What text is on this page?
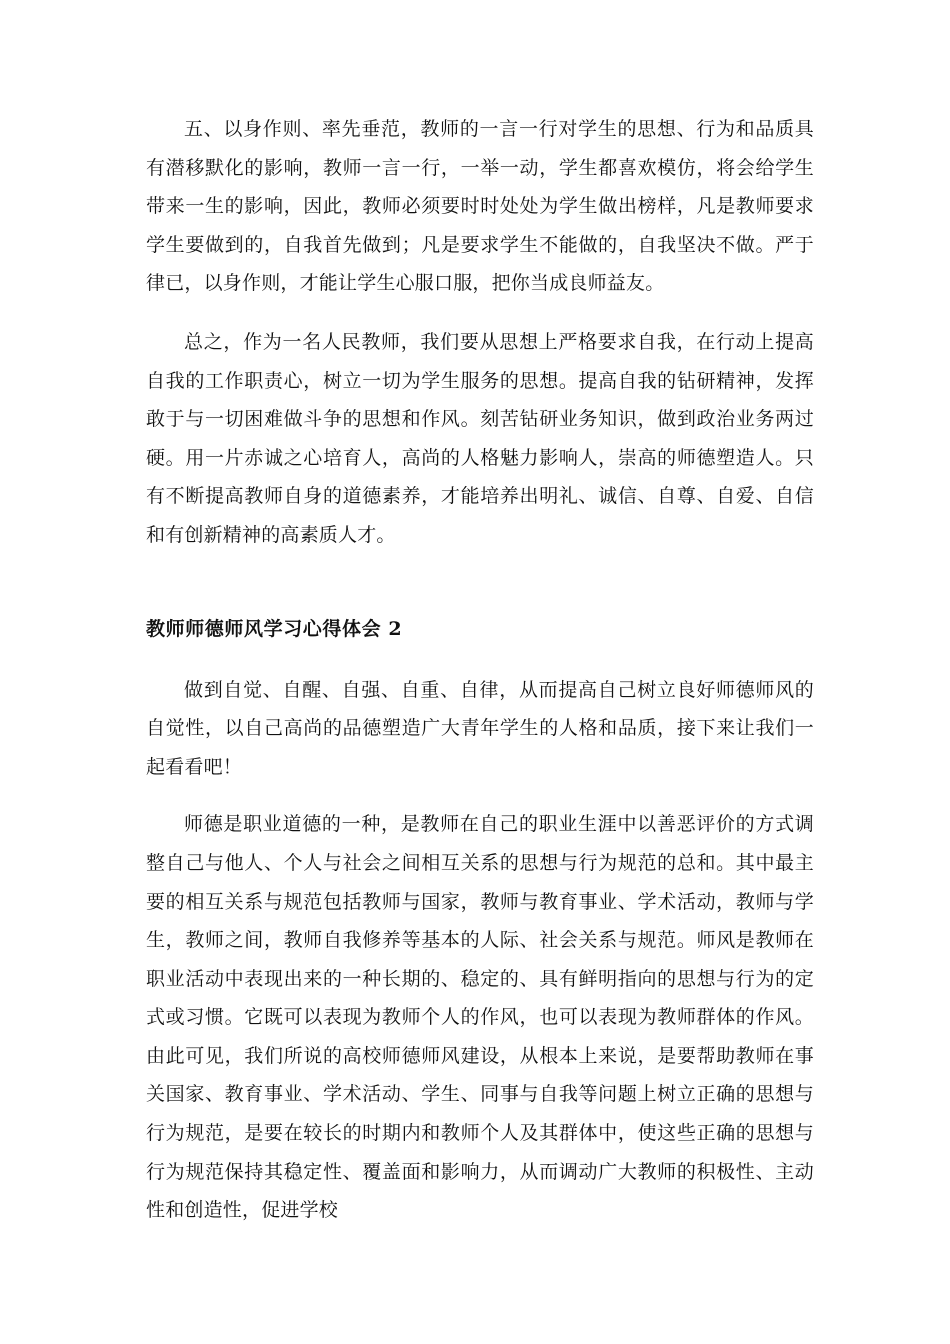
五、以身作则、率先垂范，教师的一言一行对学生的思想、行为和品质具有潜移默化的影响，教师一言一行，一举一动，学生都喜欢模仿，将会给学生带来一生的影响，因此，教师必须要时时处处为学生做出榜样，凡是教师要求学生要做到的，自我首先做到；凡是要求学生不能做的，自我坚决不做。严于律已，以身作则，才能让学生心服口服，把你当成良师益友。

总之，作为一名人民教师，我们要从思想上严格要求自我，在行动上提高自我的工作职责心，树立一切为学生服务的思想。提高自我的钻研精神，发挥敢于与一切困难做斗争的思想和作风。刻苦钻研业务知识，做到政治业务两过硬。用一片赤诚之心培育人，高尚的人格魅力影响人，崇高的师德塑造人。只有不断提高教师自身的道德素养，才能培养出明礼、诚信、自尊、自爱、自信和有创新精神的高素质人才。

教师师德师风学习心得体会 2

做到自觉、自醒、自强、自重、自律，从而提高自己树立良好师德师风的自觉性，以自己高尚的品德塑造广大青年学生的人格和品质，接下来让我们一起看看吧！

师德是职业道德的一种，是教师在自己的职业生涯中以善恶评价的方式调整自己与他人、个人与社会之间相互关系的思想与行为规范的总和。其中最主要的相互关系与规范包括教师与国家，教师与教育事业、学术活动，教师与学生，教师之间，教师自我修养等基本的人际、社会关系与规范。师风是教师在职业活动中表现出来的一种长期的、稳定的、具有鲜明指向的思想与行为的定式或习惯。它既可以表现为教师个人的作风，也可以表现为教师群体的作风。由此可见，我们所说的高校师德师风建设，从根本上来说，是要帮助教师在事关国家、教育事业、学术活动、学生、同事与自我等问题上树立正确的思想与行为规范，是要在较长的时期内和教师个人及其群体中，使这些正确的思想与行为规范保持其稳定性、覆盖面和影响力，从而调动广大教师的积极性、主动性和创造性，促进学校
